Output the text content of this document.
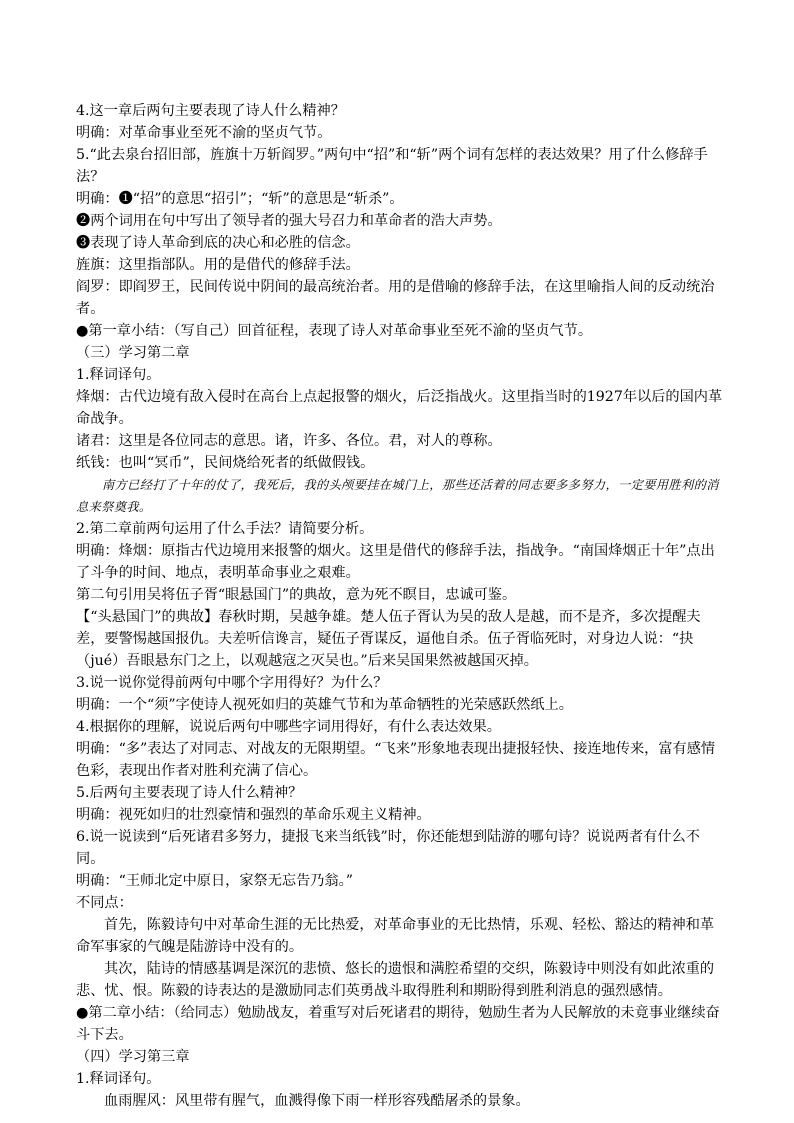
4.这一章后两句主要表现了诗人什么精神？

明确：对革命事业至死不渝的坚贞气节。

5.“此去泉台招旧部，旌旗十万斩阎罗。”两句中“招”和“斩”两个词有怎样的表达效果？用了什么修辞手法？

明确：❶“招”的意思“招引”；“斩”的意思是“斩杀”。

❷两个词用在句中写出了领导者的强大号召力和革命者的浩大声势。

❸表现了诗人革命到底的决心和必胜的信念。

旌旗：这里指部队。用的是借代的修辞手法。

阎罗：即阎罗王，民间传说中阴间的最高统治者。用的是借喻的修辞手法，在这里喻指人间的反动统治者。

●第一章小结：（写自己）回首征程，表现了诗人对革命事业至死不渝的坚贞气节。

（三）学习第二章

1.释词译句。

烽烟：古代边境有敌入侵时在高台上点起报警的烟火，后泛指战火。这里指当时的1927年以后的国内革命战争。

诸君：这里是各位同志的意思。诸，许多、各位。君，对人的尊称。

纸钱：也叫“冥币”，民间烧给死者的纸做假钱。

南方已经打了十年的仗了，我死后，我的头颅要挂在城门上，那些还活着的同志要多多努力，一定要用胜利的消息来祭奠我。

2.第二章前两句运用了什么手法？请简要分析。

明确：烽烟：原指古代边境用来报警的烟火。这里是借代的修辞手法，指战争。“南国烽烟正十年”点出了斗争的时间、地点，表明革命事业之艰难。

第二句引用吴将伍子胥“眼悬国门”的典故，意为死不瞑目，忠诚可鉴。

【“头悬国门”的典故】春秋时期，吴越争雄。楚人伍子胥认为吴的敌人是越，而不是齐，多次提醒夫差，要警惕越国报仇。夫差听信谗言，疑伍子胥谋反，逼他自杀。伍子胥临死时，对身边人说：“抉（jué）吾眼悬东门之上，以观越寇之灭吴也。”后来吴国果然被越国灭掉。

3.说一说你觉得前两句中哪个字用得好？为什么？

明确：一个“须”字使诗人视死如归的英雄气节和为革命牺牲的光荣感跃然纸上。

4.根据你的理解，说说后两句中哪些字词用得好，有什么表达效果。

明确：“多”表达了对同志、对战友的无限期望。“飞来”形象地表现出捷报轻快、接连地传来，富有感情色彩，表现出作者对胜利充满了信心。

5.后两句主要表现了诗人什么精神？

明确：视死如归的壮烈豪情和强烈的革命乐观主义精神。

6.说一说读到“后死诸君多努力，捷报飞来当纸钱”时，你还能想到陆游的哪句诗？说说两者有什么不同。

明确：“王师北定中原日，家祭无忘告乃翁。”

不同点：

首先，陈毅诗句中对革命生涯的无比热爱，对革命事业的无比热情，乐观、轻松、豁达的精神和革命军事家的气魄是陆游诗中没有的。

其次，陆诗的情感基调是深沉的悲愤、悠长的遗恨和满腔希望的交织，陈毅诗中则没有如此浓重的悲、忧、恨。陈毅的诗表达的是激励同志们英勇战斗取得胜利和期盼得到胜利消息的强烈感情。

●第二章小结：（给同志）勉励战友，着重写对后死诸君的期待，勉励生者为人民解放的未竟事业继续奋斗下去。

（四）学习第三章

1.释词译句。

血雨腥风：风里带有腥气，血溅得像下雨一样形容残酷屠杀的景象。
